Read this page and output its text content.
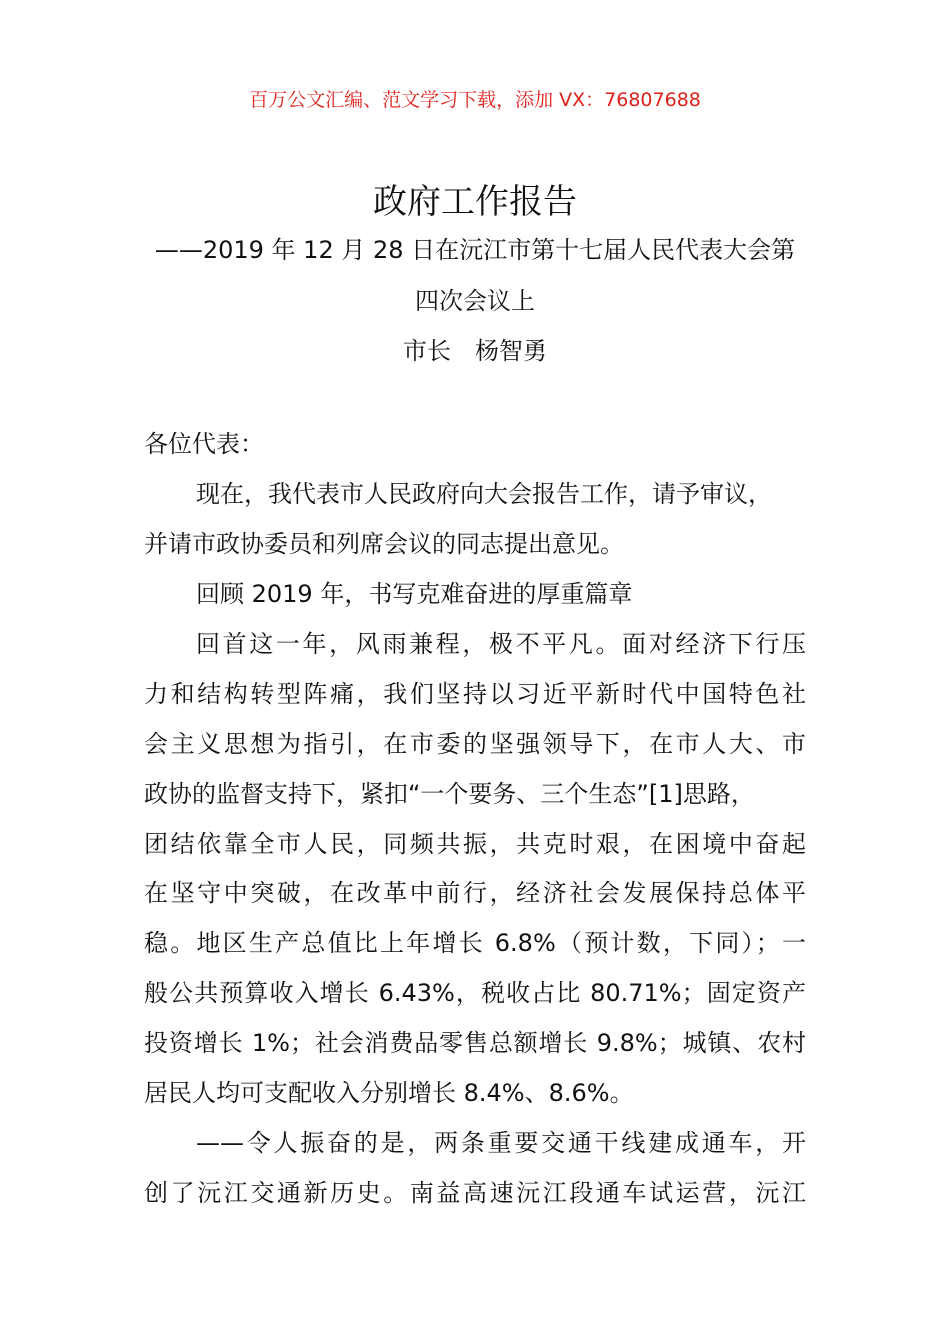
百万公文汇编、范文学习下载，添加 VX：76807688
政府工作报告
——2019 年 12 月 28 日在沅江市第十七届人民代表大会第
四次会议上
市长　杨智勇
各位代表：
现在，我代表市人民政府向大会报告工作，请予审议，
并请市政协委员和列席会议的同志提出意见。
回顾 2019 年，书写克难奋进的厚重篇章
回首这一年，风雨兼程，极不平凡。面对经济下行压
力和结构转型阵痛，我们坚持以习近平新时代中国特色社
会主义思想为指引，在市委的坚强领导下，在市人大、市
政协的监督支持下，紧扣“一个要务、三个生态”[1]思路，
团结依靠全市人民，同频共振，共克时艰，在困境中奋起
在坚守中突破，在改革中前行，经济社会发展保持总体平
稳。地区生产总值比上年增长 6.8%（预计数，下同）；一
般公共预算收入增长 6.43%，税收占比 80.71%；固定资产
投资增长 1%；社会消费品零售总额增长 9.8%；城镇、农村
居民人均可支配收入分别增长 8.4%、8.6%。
——令人振奋的是，两条重要交通干线建成通车，开
创了沅江交通新历史。南益高速沅江段通车试运营，沅江
